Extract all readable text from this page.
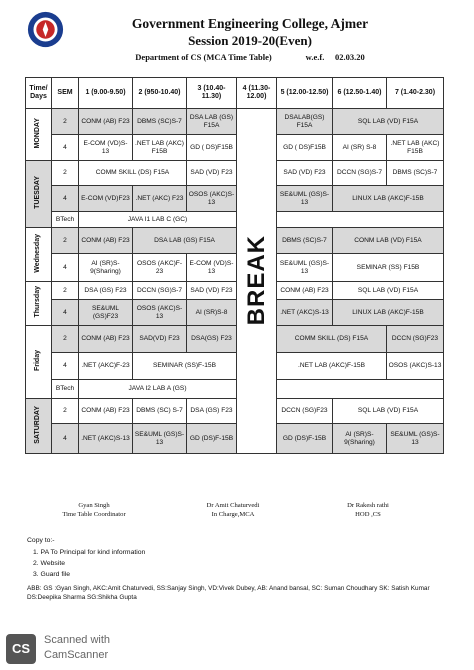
Government Engineering College, Ajmer
Session 2019-20(Even)
Department of CS (MCA Time Table)	w.e.f. 02.03.20
Time/ Days	SEM	1 (9.00-9.50)	2 (950-10.40)	3 (10.40-11.30)	4 (11.30-12.00)	5 (12.00-12.50)	6 (12.50-1.40)	7 (1.40-2.30)
MONDAY	2	CONM (AB) F23	DBMS (SC)S-7	DSA LAB (GS) F15A	BREAK	DSALAB(GS) F15A	SQL LAB (VD) F15A	
	4	E-COM (VD)S-13	.NET LAB (AKC) F15B	GD ( DS)F15B		GD ( DS)F15B	AI (SR) S-8	.NET LAB (AKC) F15B
TUESDAY	2	COMM SKILL (DS) F15A		SAD (VD) F23		SAD (VD) F23	DCCN (SG)S-7	DBMS (SC)S-7
	4	E-COM (VD)F23	.NET (AKC) F23	OSOS (AKC)S-13		SE&UML (GS)S-13	LINUX LAB (AKC)F-15B	
	BTech	JAVA I1 LAB C (GC)						
Wednesday	2	CONM (AB) F23	DSA LAB (GS) F15A			DBMS (SC)S-7	CONM LAB (VD) F15A	
	4	AI (SR)S-9(Sharing)	OSOS (AKC)F-23	E-COM (VD)S-13		SE&UML (GS)S-13	SEMINAR (SS) F15B	
Thursday	2	DSA (GS) F23	DCCN (SG)S-7	SAD (VD) F23		CONM (AB) F23	SQL LAB (VD) F15A	
	4	SE&UML (GS)F23	OSOS (AKC)S-13	AI (SR)S-8		.NET (AKC)S-13	LINUX LAB (AKC)F-15B	
Friday	2	CONM (AB) F23	SAD(VD) F23	DSA(GS) F23		COMM SKILL (DS) F15A		DCCN (SG)F23
	4	.NET (AKC)F-23	SEMINAR (SS)F-15B			.NET LAB (AKC)F-15B		OSOS (AKC)S-13
	BTech	JAVA I2 LAB A (GS)						
SATURDAY	2	CONM (AB) F23	DBMS (SC) S-7	DSA (GS) F23		DCCN (SG)F23	SQL LAB (VD) F15A	
	4	.NET (AKC)S-13	SE&UML (GS)S-13	GD (DS)F-15B		GD (DS)F-15B	AI (SR)S-9(Sharing)	SE&UML (GS)S-13
Gyan Singh
Time Table Coordinator
Dr Amit Chaturvedi
In Charge,MCA
Dr Rakesh rathi
HOD ,CS
Copy to:-
1. PA To Principal for kind information
2. Website
3. Guard file
ABB: GS :Gyan Singh, AKC:Amit Chaturvedi, SS:Sanjay Singh, VD:Vivek Dubey, AB: Anand bansal, SC: Suman Choudhary SK: Satish Kumar DS:Deepika Sharma SG:Shikha Gupta
CS
Scanned with
CamScanner
